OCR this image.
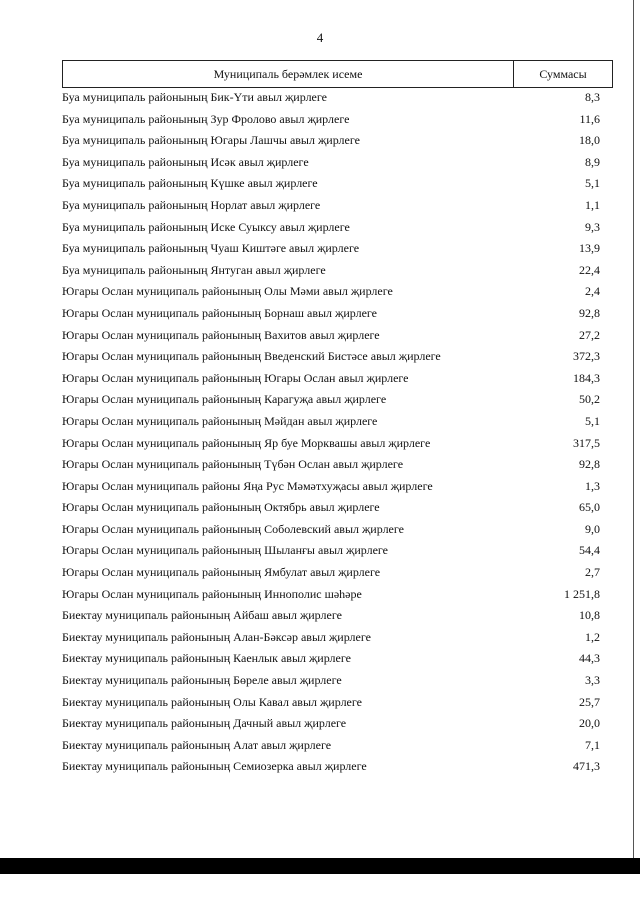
4
Муниципаль берәмлек исеме	Суммасы
Буа муниципаль районының Бик-Үти авыл җирлеге	8,3
Буа муниципаль районының Зур Фролово авыл җирлеге	11,6
Буа муниципаль районының Югары Лашчы авыл җирлеге	18,0
Буа муниципаль районының Исәк авыл җирлеге	8,9
Буа муниципаль районының Күшке авыл җирлеге	5,1
Буа муниципаль районының Норлат авыл җирлеге	1,1
Буа муниципаль районының Иске Суыксу авыл җирлеге	9,3
Буа муниципаль районының Чуаш Киштәге авыл җирлеге	13,9
Буа муниципаль районының Янтуган авыл җирлеге	22,4
Югары Ослан муниципаль районының Олы Мәми авыл җирлеге	2,4
Югары Ослан муниципаль районының Борнаш авыл җирлеге	92,8
Югары Ослан муниципаль районының Вахитов авыл җирлеге	27,2
Югары Ослан муниципаль районының Введенский Бистәсе авыл җирлеге	372,3
Югары Ослан муниципаль районының Югары Ослан авыл җирлеге	184,3
Югары Ослан муниципаль районының Карагуҗа авыл җирлеге	50,2
Югары Ослан муниципаль районының Мәйдан авыл җирлеге	5,1
Югары Ослан муниципаль районының Яр буе Морквашы авыл җирлеге	317,5
Югары Ослан муниципаль районының Түбән Ослан авыл җирлеге	92,8
Югары Ослан муниципаль районы Яңа Рус Мәмәтхуҗасы авыл җирлеге	1,3
Югары Ослан муниципаль районының Октябрь авыл җирлеге	65,0
Югары Ослан муниципаль районының Соболевский авыл җирлеге	9,0
Югары Ослан муниципаль районының Шыланғы авыл җирлеге	54,4
Югары Ослан муниципаль районының Ямбулат авыл җирлеге	2,7
Югары Ослан муниципаль районының Иннополис шәһәре	1 251,8
Биектау муниципаль районының Айбаш авыл җирлеге	10,8
Биектау муниципаль районының Алан-Бәксәр авыл җирлеге	1,2
Биектау муниципаль районының Каенлык авыл җирлеге	44,3
Биектау муниципаль районының Бөреле авыл җирлеге	3,3
Биектау муниципаль районының Олы Кавал авыл җирлеге	25,7
Биектау муниципаль районының Дачный авыл җирлеге	20,0
Биектау муниципаль районының Алат авыл җирлеге	7,1
Биектау муниципаль районының Семиозерка авыл җирлеге	471,3
